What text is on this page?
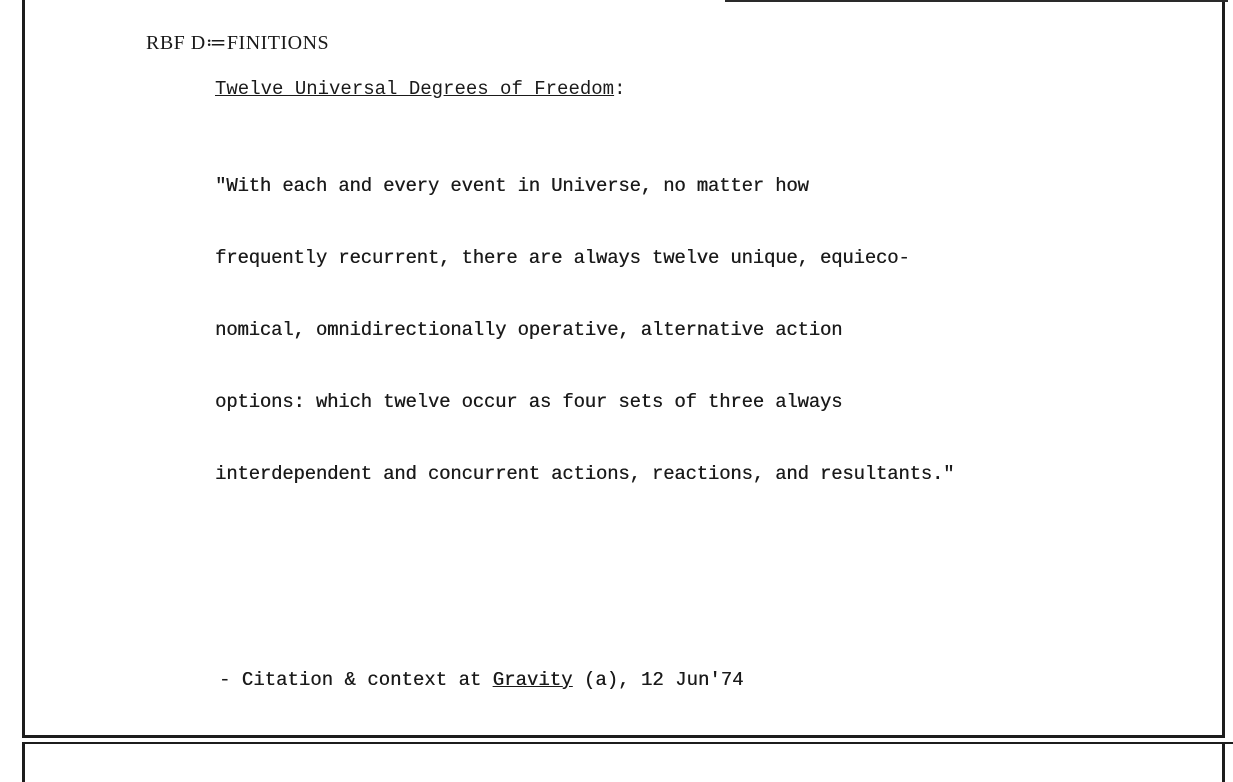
RBF D≔FINITIONS
Twelve Universal Degrees of Freedom:

"With each and every event in Universe, no matter how

frequently recurrent, there are always twelve unique, equieco-

nomical, omnidirectionally operative, alternative action

options: which twelve occur as four sets of three always

interdependent and concurrent actions, reactions, and resultants."

- Citation & context at Gravity (a), 12 Jun'74
